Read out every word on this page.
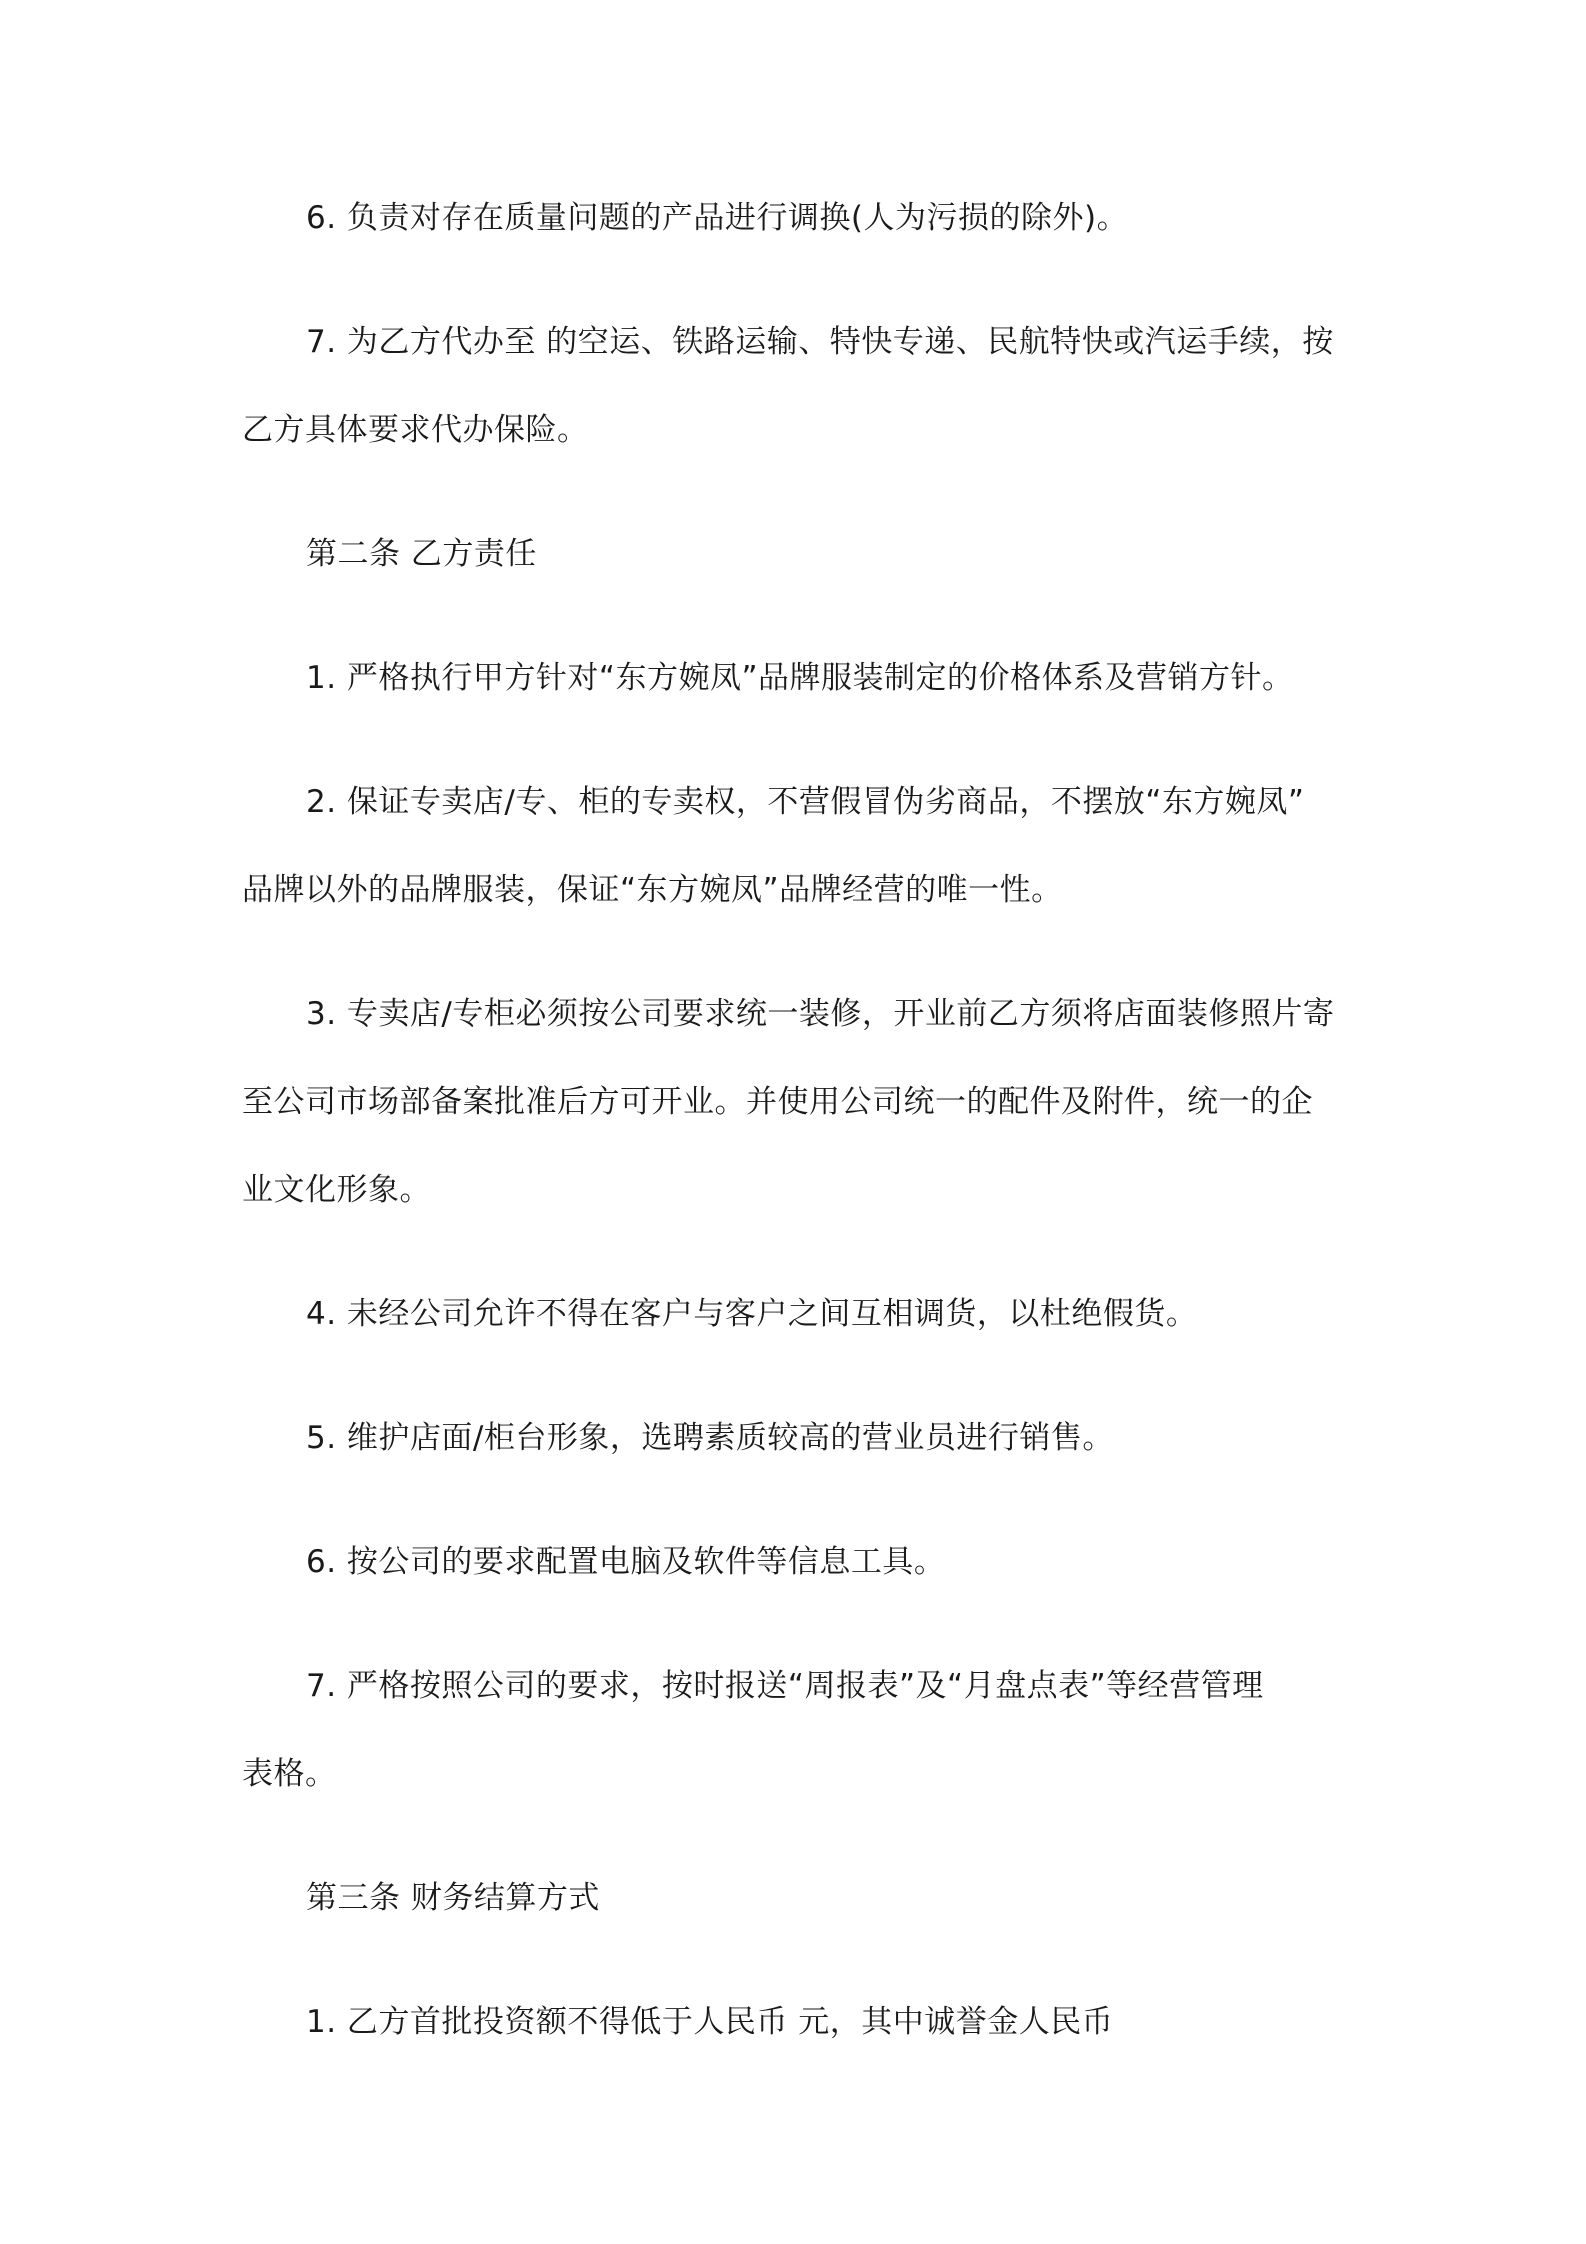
6. 负责对存在质量问题的产品进行调换(人为污损的除外)。

7. 为乙方代办至 的空运、铁路运输、特快专递、民航特快或汽运手续，按

乙方具体要求代办保险。

第二条 乙方责任

1. 严格执行甲方针对“东方婉凤”品牌服装制定的价格体系及营销方针。

2. 保证专卖店/专、柜的专卖权，不营假冒伪劣商品，不摆放“东方婉凤”

品牌以外的品牌服装，保证“东方婉凤”品牌经营的唯一性。

3. 专卖店/专柜必须按公司要求统一装修，开业前乙方须将店面装修照片寄

至公司市场部备案批准后方可开业。并使用公司统一的配件及附件，统一的企

业文化形象。

4. 未经公司允许不得在客户与客户之间互相调货，以杜绝假货。

5. 维护店面/柜台形象，选聘素质较高的营业员进行销售。

6. 按公司的要求配置电脑及软件等信息工具。

7. 严格按照公司的要求，按时报送“周报表”及“月盘点表”等经营管理

表格。

第三条 财务结算方式

1. 乙方首批投资额不得低于人民币 元，其中诚誉金人民币
